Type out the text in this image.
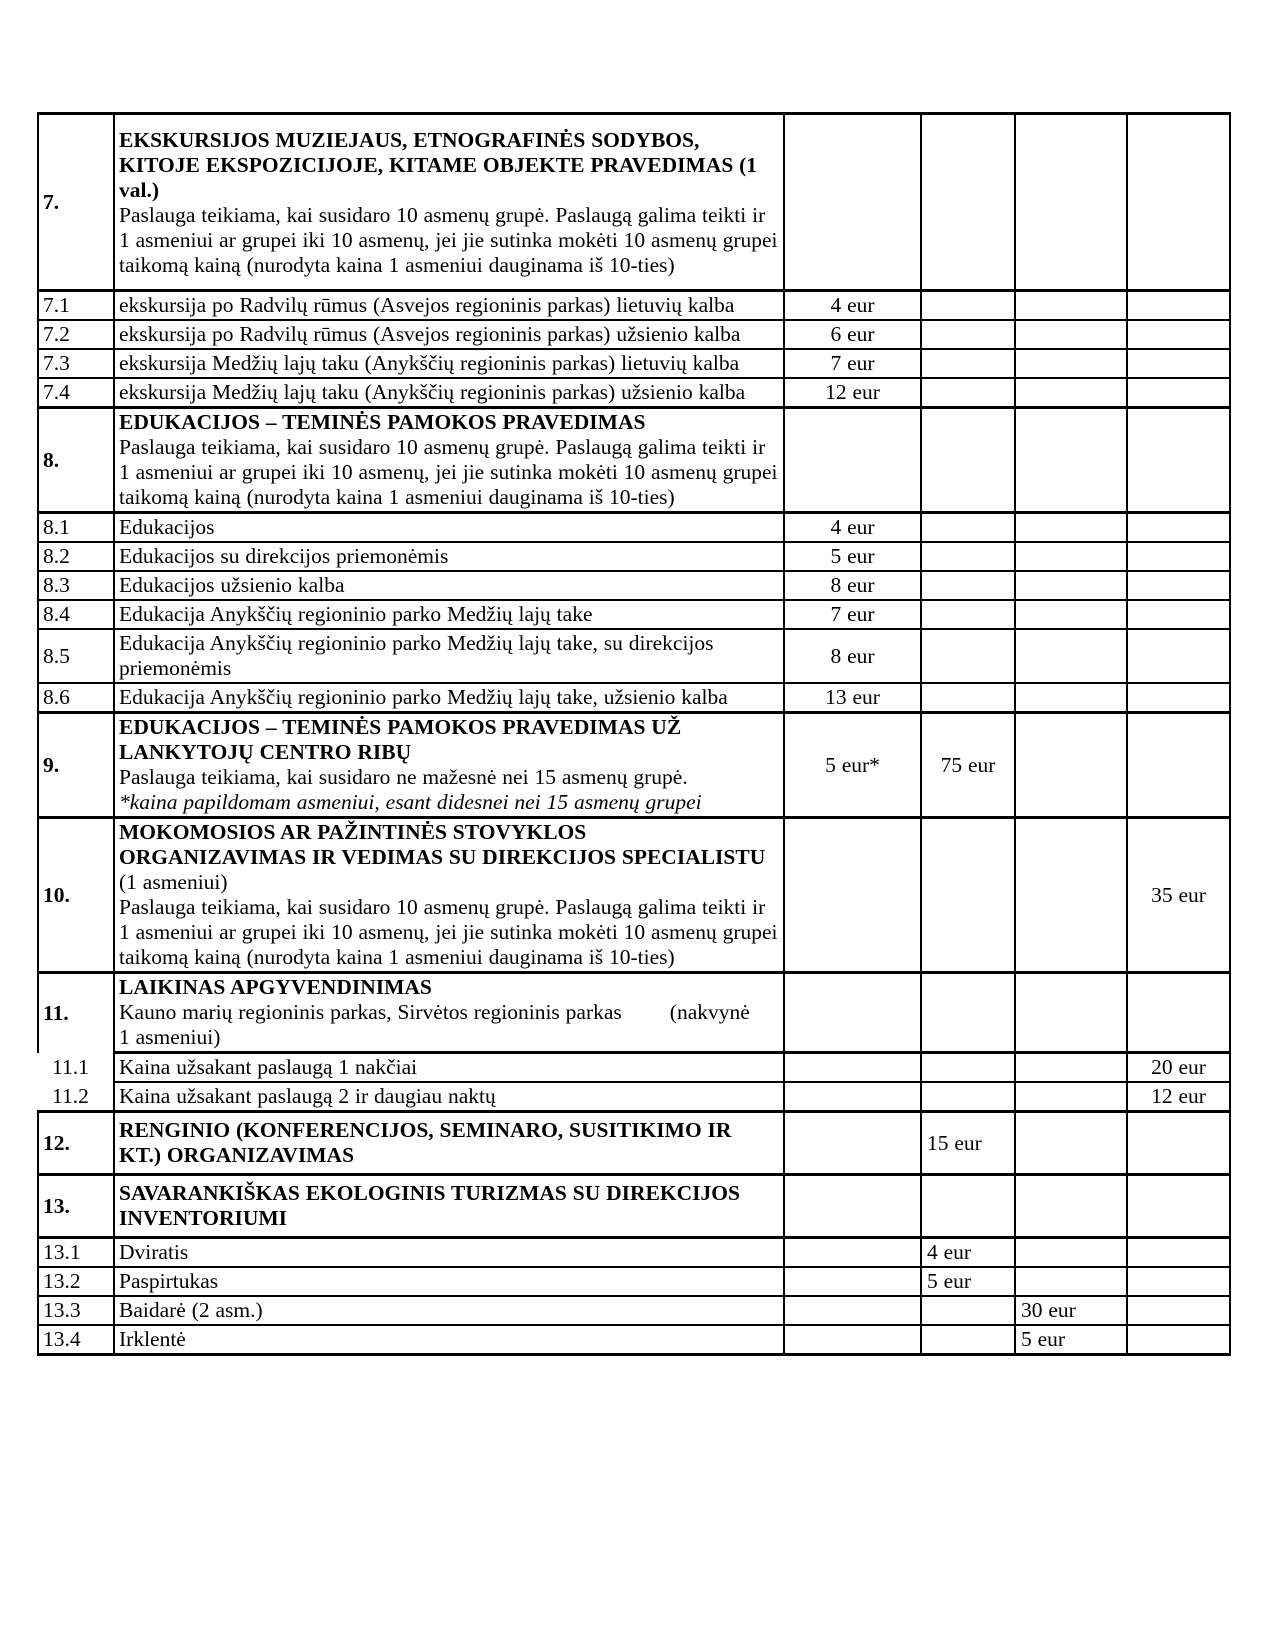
7.	EKSKURSIJOS MUZIEJAUS, ETNOGRAFINĖS SODYBOS, KITOJE EKSPOZICIJOJE, KITAME OBJEKTE PRAVEDIMAS (1 val.)
Paslauga teikiama, kai susidaro 10 asmenų grupė. Paslaugą galima teikti ir 1 asmeniui ar grupei iki 10 asmenų, jei jie sutinka mokėti 10 asmenų grupei taikomą kainą (nurodyta kaina 1 asmeniui dauginama iš 10-ties)				
7.1	ekskursija po Radvilų rūmus (Asvejos regioninis parkas) lietuvių kalba	4 eur			
7.2	ekskursija po Radvilų rūmus (Asvejos regioninis parkas) užsienio kalba	6 eur			
7.3	ekskursija Medžių lajų taku (Anykščių regioninis parkas) lietuvių kalba	7 eur			
7.4	ekskursija Medžių lajų taku (Anykščių regioninis parkas) užsienio kalba	12 eur			
8.	EDUKACIJOS – TEMINĖS PAMOKOS PRAVEDIMAS
Paslauga teikiama, kai susidaro 10 asmenų grupė. Paslaugą galima teikti ir 1 asmeniui ar grupei iki 10 asmenų, jei jie sutinka mokėti 10 asmenų grupei taikomą kainą (nurodyta kaina 1 asmeniui dauginama iš 10-ties)				
8.1	Edukacijos	4 eur			
8.2	Edukacijos su direkcijos priemonėmis	5 eur			
8.3	Edukacijos užsienio kalba	8 eur			
8.4	Edukacija Anykščių regioninio parko Medžių lajų take	7 eur			
8.5	Edukacija Anykščių regioninio parko Medžių lajų take, su direkcijos priemonėmis	8 eur			
8.6	Edukacija Anykščių regioninio parko Medžių lajų take, užsienio kalba	13 eur			
9.	EDUKACIJOS – TEMINĖS PAMOKOS PRAVEDIMAS UŽ LANKYTOJŲ CENTRO RIBŲ
Paslauga teikiama, kai susidaro ne mažesnė nei 15 asmenų grupė.
*kaina papildomam asmeniui, esant didesnei nei 15 asmenų grupei	5 eur*	75 eur		
10.	MOKOMOSIOS AR PAŽINTINĖS STOVYKLOS ORGANIZAVIMAS IR VEDIMAS SU DIREKCIJOS SPECIALISTU (1 asmeniui)
Paslauga teikiama, kai susidaro 10 asmenų grupė. Paslaugą galima teikti ir 1 asmeniui ar grupei iki 10 asmenų, jei jie sutinka mokėti 10 asmenų grupei taikomą kainą (nurodyta kaina 1 asmeniui dauginama iš 10-ties)				35 eur
11.	LAIKINAS APGYVENDINIMAS
Kauno marių regioninis parkas, Sirvėtos regioninis parkas (nakvynė
1 asmeniui)				
11.1	Kaina užsakant paslaugą 1 nakčiai				20 eur
11.2	Kaina užsakant paslaugą 2 ir daugiau naktų				12 eur
12.	RENGINIO (KONFERENCIJOS, SEMINARO, SUSITIKIMO IR KT.) ORGANIZAVIMAS		15 eur		
13.	SAVARANKIŠKAS EKOLOGINIS TURIZMAS SU DIREKCIJOS INVENTORIUMI				
13.1	Dviratis		4 eur		
13.2	Paspirtukas		5 eur		
13.3	Baidarė (2 asm.)			30 eur	
13.4	Irklentė			5 eur	
